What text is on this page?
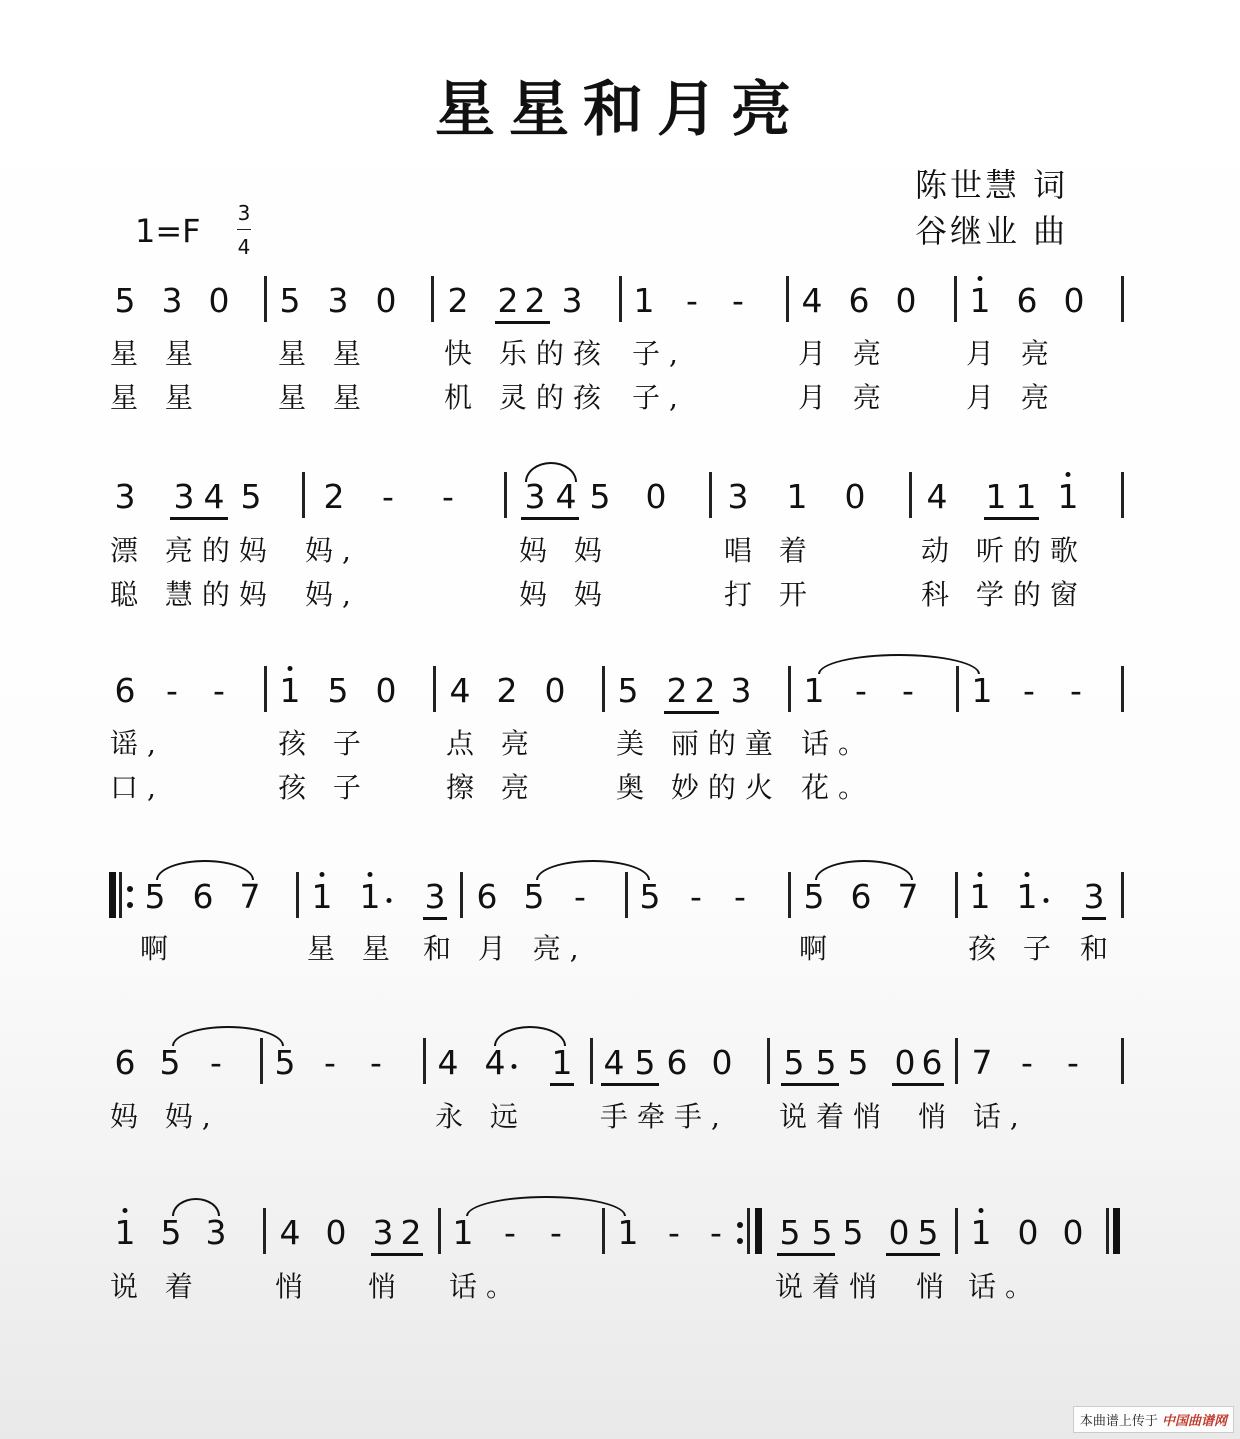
星星和月亮
陈世慧 词
谷继业 曲
1=F 3
4
5 3 0 5 3 0 2 2 2 3 1 - - 4 6 0 1 6 0
星 星	星 星	快 乐的孩 子,	月 亮	月 亮
星 星	星 星	机 灵的孩 子,	月 亮	月 亮
3 3 4 5 2 - - 3 4 5 0 3 1 0 4 1 1 1
漂 亮的妈 妈,	妈 妈	唱 着	动 听的歌
聪 慧的妈 妈,	妈 妈	打 开	科 学的窗
6 - - 1 5 0 4 2 0 5 2 2 3 1 - - 1 - -
谣,	孩 子	点 亮	美 丽的童 话。
口,	孩 子	擦 亮	奥 妙的火 花。
5 6 7 1 1 3 6 5 - 5 - - 5 6 7 1 1 3
啊	星 星 和 月 亮,	啊	孩 子 和
6 5 - 5 - - 4 4 1 4 5 6 0 5 5 5 0 6 7 - -
妈 妈,	永 远	手牵手, 说着悄 悄 话,
1 5 3 4 0 3 2 1 - - 1 - - 5 5 5 0 5 1 0 0
说 着	悄 悄 话。	说着悄 悄 话。
本曲谱上传于 中国曲谱网
